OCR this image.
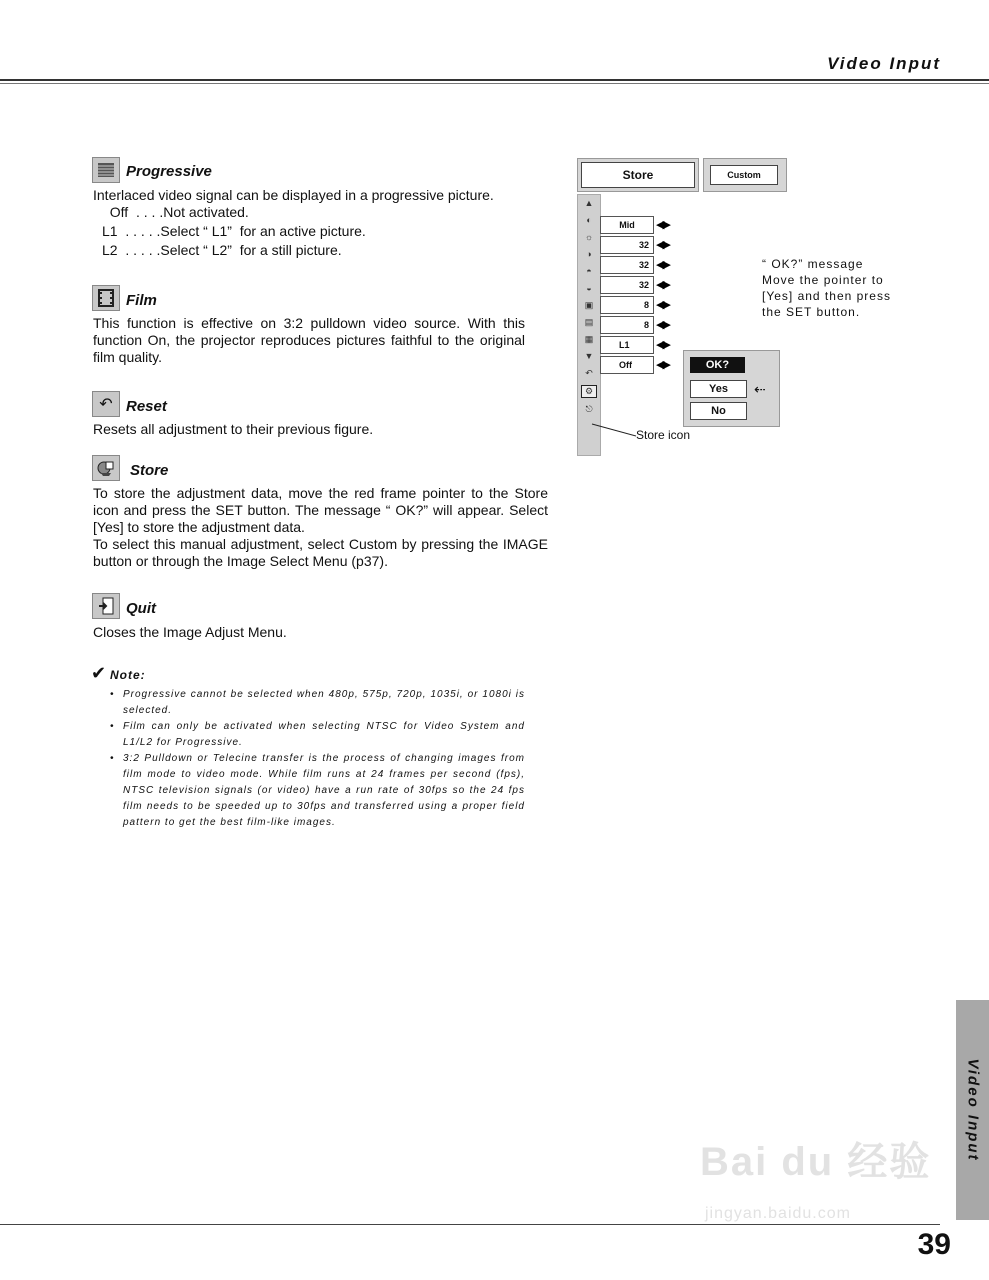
Video Input
Progressive
Interlaced video signal can be displayed in a progressive picture.
Off  . . . .Not activated.
L1  . . . . .Select “ L1”  for an active picture.
L2  . . . . .Select “ L2”  for a still picture.
Film
This function is effective on 3:2 pulldown video source. With this function On, the projector reproduces pictures faithful to the original film quality.
↶ Reset
Resets all adjustment to their previous figure.
Store
To store the adjustment data, move the red frame pointer to the Store icon and press the SET button. The message “ OK?” will appear. Select [Yes] to store the adjustment data.
To select this manual adjustment, select Custom by pressing the IMAGE button or through the Image Select Menu (p37).
Quit
Closes the Image Adjust Menu.
✔ Note:
• Progressive cannot be selected when 480p, 575p, 720p, 1035i, or 1080i is selected.
• Film can only be activated when selecting NTSC for Video System and L1/L2 for Progressive.
• 3:2 Pulldown or Telecine transfer is the process of changing images from film mode to video mode. While film runs at 24 frames per second (fps), NTSC television signals (or video) have a run rate of 30fps so the 24 fps film needs to be speeded up to 30fps and transferred using a proper field pattern to get the best film-like images.
Store	Custom
▲
◐
☼
◑
◓
◒
▣
▤
▦
▼
↶
⚙
⎋
Mid
32
32
32
8
8
L1
Off
◀▶
◀▶
◀▶
◀▶
◀▶
◀▶
◀▶
◀▶	OK?
Yes
No
⇠
“ OK?” message
Move the pointer to [Yes] and then press the SET button.
Store icon
Bai du 经验
jingyan.baidu.com
Video Input
39
